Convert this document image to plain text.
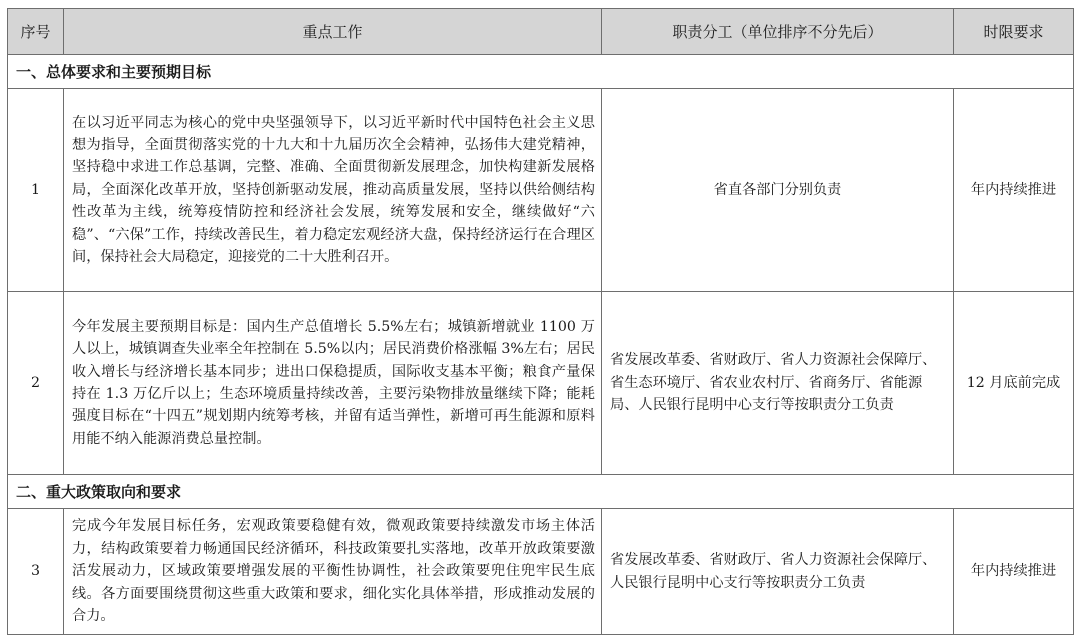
序号	重点工作	职责分工（单位排序不分先后）	时限要求
一、总体要求和主要预期目标			
1	在以习近平同志为核心的党中央坚强领导下，以习近平新时代中国特色社会主义思想为指导，全面贯彻落实党的十九大和十九届历次全会精神，弘扬伟大建党精神，坚持稳中求进工作总基调，完整、准确、全面贯彻新发展理念，加快构建新发展格局，全面深化改革开放，坚持创新驱动发展，推动高质量发展，坚持以供给侧结构性改革为主线，统筹疫情防控和经济社会发展，统筹发展和安全，继续做好“六稳”、“六保”工作，持续改善民生，着力稳定宏观经济大盘，保持经济运行在合理区间，保持社会大局稳定，迎接党的二十大胜利召开。	省直各部门分别负责	年内持续推进
2	今年发展主要预期目标是：国内生产总值增长 5.5%左右；城镇新增就业 1100 万人以上，城镇调查失业率全年控制在 5.5%以内；居民消费价格涨幅 3%左右；居民收入增长与经济增长基本同步；进出口保稳提质，国际收支基本平衡；粮食产量保持在 1.3 万亿斤以上；生态环境质量持续改善，主要污染物排放量继续下降；能耗强度目标在“十四五”规划期内统筹考核，并留有适当弹性，新增可再生能源和原料用能不纳入能源消费总量控制。	省发展改革委、省财政厅、省人力资源社会保障厅、省生态环境厅、省农业农村厅、省商务厅、省能源局、人民银行昆明中心支行等按职责分工负责	12 月底前完成
二、重大政策取向和要求			
3	完成今年发展目标任务，宏观政策要稳健有效，微观政策要持续激发市场主体活力，结构政策要着力畅通国民经济循环，科技政策要扎实落地，改革开放政策要激活发展动力，区域政策要增强发展的平衡性协调性，社会政策要兜住兜牢民生底线。各方面要围绕贯彻这些重大政策和要求，细化实化具体举措，形成推动发展的合力。	省发展改革委、省财政厅、省人力资源社会保障厅、人民银行昆明中心支行等按职责分工负责	年内持续推进
